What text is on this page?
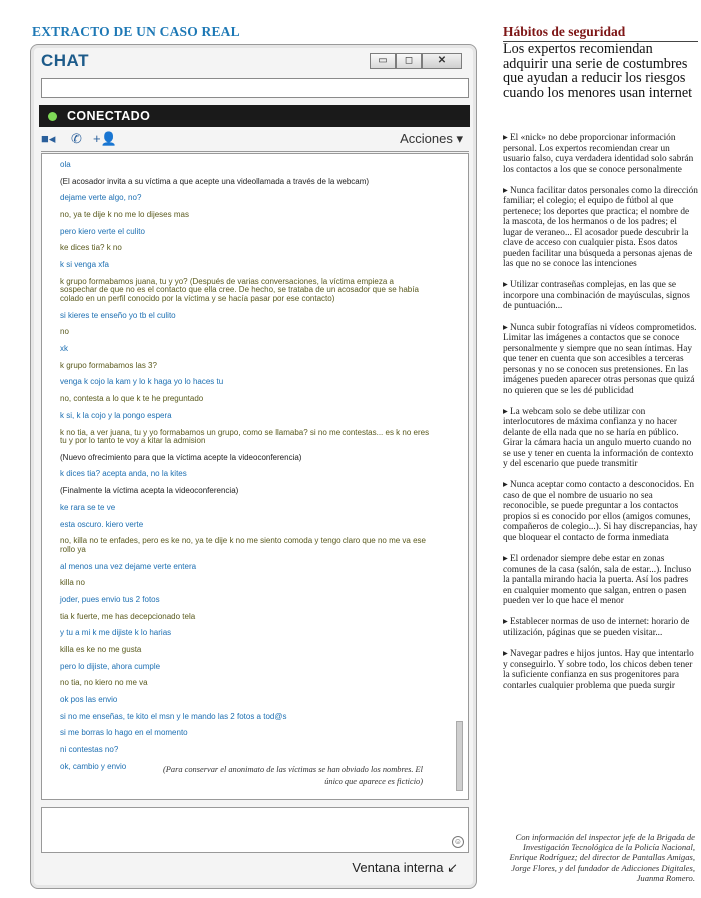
EXTRACTO DE UN CASO REAL
CHAT	▭	◻	✕
CONECTADO
■◂ ✆ +👤	Acciones ▾
ola
(El acosador invita a su víctima a que acepte una videollamada a través de la webcam)
dejame verte algo, no?
no, ya te dije k no me lo dijeses mas
pero kiero verte el culito
ke dices tia? k no
k si venga xfa
k grupo formabamos juana, tu y yo? (Después de varias conversaciones, la víctima empieza a sospechar de que no es el contacto que ella cree. De hecho, se trataba de un acosador que se había colado en un perfil conocido por la víctima y se hacía pasar por ese contacto)
si kieres te enseño yo tb el culito
no
xk
k grupo formabamos las 3?
venga k cojo la kam y lo k haga yo lo haces tu
no, contesta a lo que k te he preguntado
k si, k la cojo y la pongo espera
k no tia, a ver juana, tu y yo formabamos un grupo, como se llamaba? si no me contestas... es k no eres tu y por lo tanto te voy a kitar la admision
(Nuevo ofrecimiento para que la víctima acepte la videoconferencia)
k dices tia? acepta anda, no la kites
(Finalmente la víctima acepta la videoconferencia)
ke rara se te ve
esta oscuro. kiero verte
no, killa no te enfades, pero es ke no, ya te dije k no me siento comoda y tengo claro que no me va ese rollo ya
al menos una vez dejame verte entera
killa no
joder, pues envio tus 2 fotos
tia k fuerte, me has decepcionado tela
y tu a mi k me dijiste k lo harias
killa es ke no me gusta
pero lo dijiste, ahora cumple
no tia, no kiero no me va
ok pos las envio
si no me enseñas, te kito el msn y le mando las 2 fotos a tod@s
si me borras lo hago en el momento
ni contestas no?
ok, cambio y envio	(Para conservar el anonimato de las víctimas se han obviado los nombres. El único que aparece es ficticio)
☺
Ventana interna ↙
Hábitos de seguridad
Los expertos recomiendan adquirir una serie de costumbres que ayudan a reducir los riesgos cuando los menores usan internet
▸ El «nick» no debe proporcionar información personal. Los expertos recomiendan crear un usuario falso, cuya verdadera identidad solo sabrán los contactos a los que se conoce personalmente
▸ Nunca facilitar datos personales como la dirección familiar; el colegio; el equipo de fútbol al que pertenece; los deportes que practica; el nombre de la mascota, de los hermanos o de los padres; el lugar de veraneo... El acosador puede descubrir la clave de acceso con cualquier pista. Esos datos pueden facilitar una búsqueda a personas ajenas de las que no se conoce las intenciones
▸ Utilizar contraseñas complejas, en las que se incorpore una combinación de mayúsculas, signos de puntuación...
▸ Nunca subir fotografías ni vídeos comprometidos. Limitar las imágenes a contactos que se conoce personalmente y siempre que no sean íntimas. Hay que tener en cuenta que son accesibles a terceras personas y no se conocen sus pretensiones. En las imágenes pueden aparecer otras personas que quizá no quieren que se les dé publicidad
▸ La webcam solo se debe utilizar con interlocutores de máxima confianza y no hacer delante de ella nada que no se haría en público. Girar la cámara hacia un angulo muerto cuando no se use y tener en cuenta la información de contexto y del escenario que puede transmitir
▸ Nunca aceptar como contacto a desconocidos. En caso de que el nombre de usuario no sea reconocible, se puede preguntar a los contactos propios si es conocido por ellos (amigos comunes, compañeros de colegio...). Si hay discrepancias, hay que bloquear el contacto de forma inmediata
▸ El ordenador siempre debe estar en zonas comunes de la casa (salón, sala de estar...). Incluso la pantalla mirando hacia la puerta. Así los padres en cualquier momento que salgan, entren o pasen pueden ver lo que hace el menor
▸ Establecer normas de uso de internet: horario de utilización, páginas que se pueden visitar...
▸ Navegar padres e hijos juntos. Hay que intentarlo y conseguirlo. Y sobre todo, los chicos deben tener la suficiente confianza en sus progenitores para contarles cualquier problema que pueda surgir
Con información del inspector jefe de la Brigada de Investigación Tecnológica de la Policía Nacional, Enrique Rodríguez; del director de Pantallas Amigas, Jorge Flores, y del fundador de Adicciones Digitales, Juanma Romero.
